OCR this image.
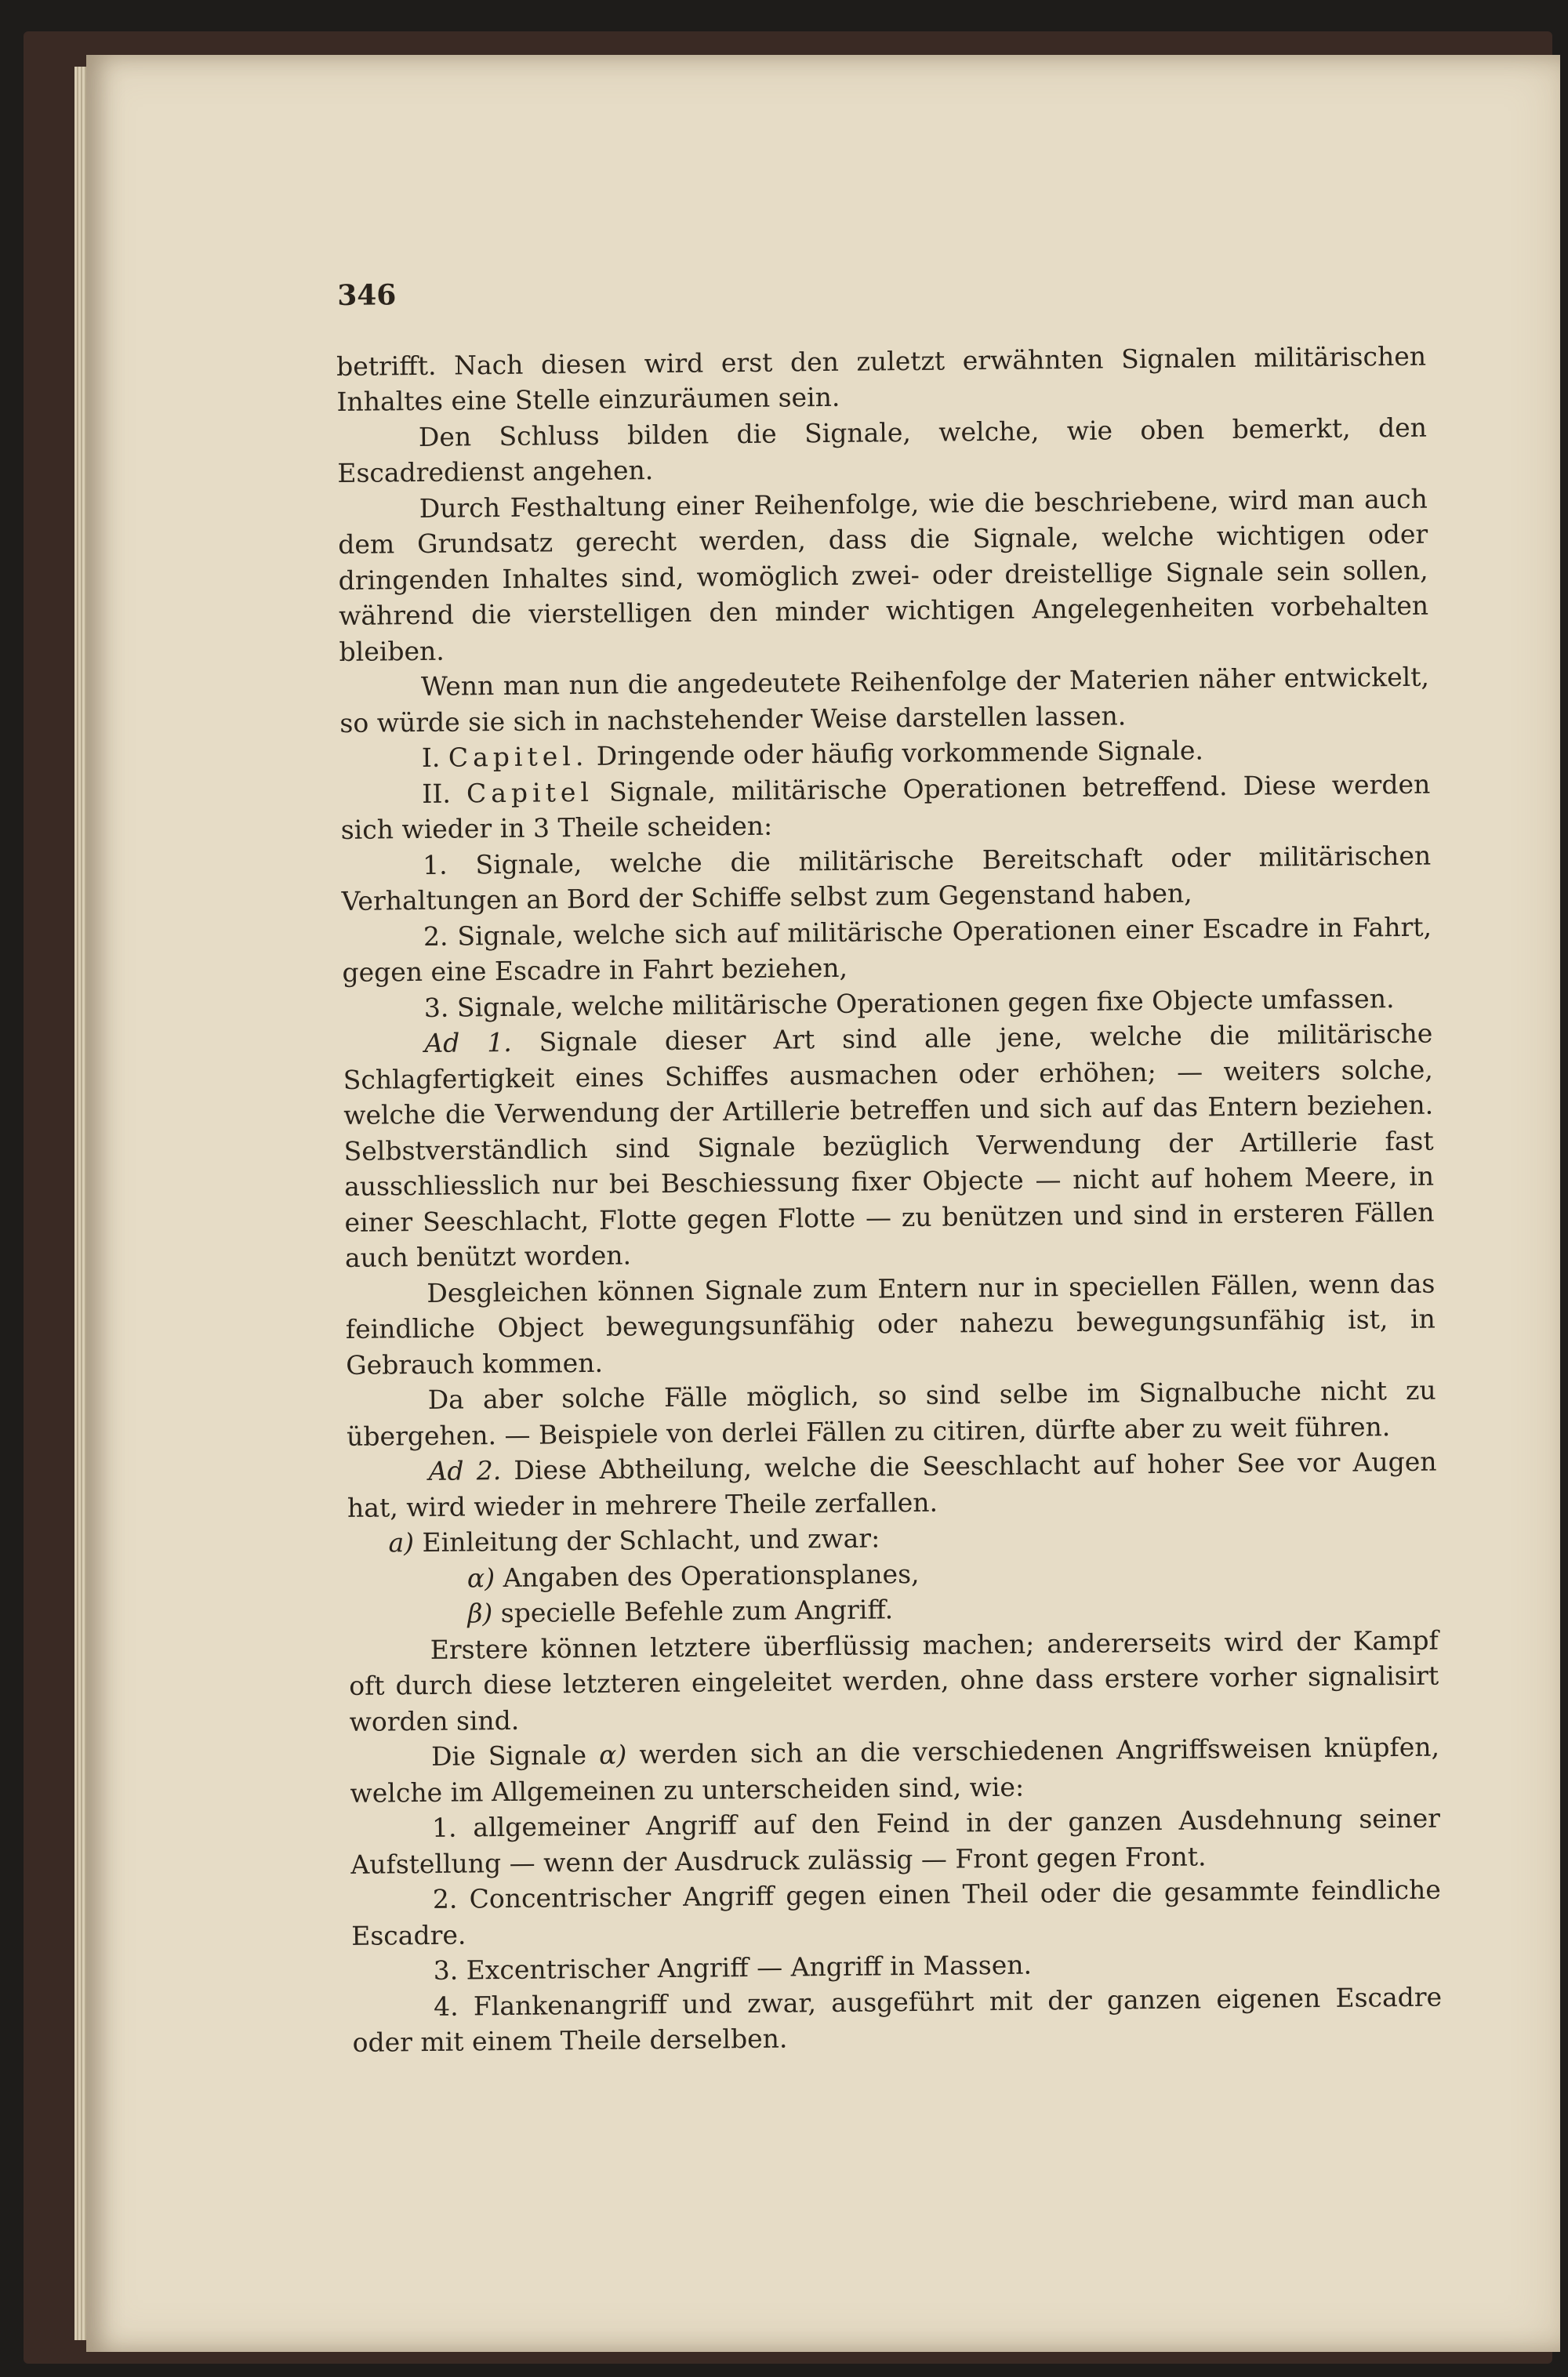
346

betrifft. Nach diesen wird erst den zuletzt erwähnten Signalen militärischen Inhaltes eine Stelle einzuräumen sein.

Den Schluss bilden die Signale, welche, wie oben bemerkt, den Escadredienst angehen.

Durch Festhaltung einer Reihenfolge, wie die beschriebene, wird man auch dem Grundsatz gerecht werden, dass die Signale, welche wichtigen oder dringenden Inhaltes sind, womöglich zwei- oder dreistellige Signale sein sollen, während die vierstelligen den minder wichtigen Angelegenheiten vorbehalten bleiben.

Wenn man nun die angedeutete Reihenfolge der Materien näher entwickelt, so würde sie sich in nachstehender Weise darstellen lassen.

I. Capitel. Dringende oder häufig vorkommende Signale.

II. Capitel Signale, militärische Operationen betreffend. Diese werden sich wieder in 3 Theile scheiden:

1. Signale, welche die militärische Bereitschaft oder militärischen Verhaltungen an Bord der Schiffe selbst zum Gegenstand haben,

2. Signale, welche sich auf militärische Operationen einer Escadre in Fahrt, gegen eine Escadre in Fahrt beziehen,

3. Signale, welche militärische Operationen gegen fixe Objecte umfassen.

Ad 1. Signale dieser Art sind alle jene, welche die militärische Schlagfertigkeit eines Schiffes ausmachen oder erhöhen; — weiters solche, welche die Verwendung der Artillerie betreffen und sich auf das Entern beziehen. Selbstverständlich sind Signale bezüglich Verwendung der Artillerie fast ausschliesslich nur bei Beschiessung fixer Objecte — nicht auf hohem Meere, in einer Seeschlacht, Flotte gegen Flotte — zu benützen und sind in ersteren Fällen auch benützt worden.

Desgleichen können Signale zum Entern nur in speciellen Fällen, wenn das feindliche Object bewegungsunfähig oder nahezu bewegungsunfähig ist, in Gebrauch kommen.

Da aber solche Fälle möglich, so sind selbe im Signalbuche nicht zu übergehen. — Beispiele von derlei Fällen zu citiren, dürfte aber zu weit führen.

Ad 2. Diese Abtheilung, welche die Seeschlacht auf hoher See vor Augen hat, wird wieder in mehrere Theile zerfallen.

a) Einleitung der Schlacht, und zwar:

α) Angaben des Operationsplanes,

β) specielle Befehle zum Angriff.

Erstere können letztere überflüssig machen; andererseits wird der Kampf oft durch diese letzteren eingeleitet werden, ohne dass erstere vorher signalisirt worden sind.

Die Signale α) werden sich an die verschiedenen Angriffsweisen knüpfen, welche im Allgemeinen zu unterscheiden sind, wie:

1. allgemeiner Angriff auf den Feind in der ganzen Ausdehnung seiner Aufstellung — wenn der Ausdruck zulässig — Front gegen Front.

2. Concentrischer Angriff gegen einen Theil oder die gesammte feindliche Escadre.

3. Excentrischer Angriff — Angriff in Massen.

4. Flankenangriff und zwar, ausgeführt mit der ganzen eigenen Escadre oder mit einem Theile derselben.
